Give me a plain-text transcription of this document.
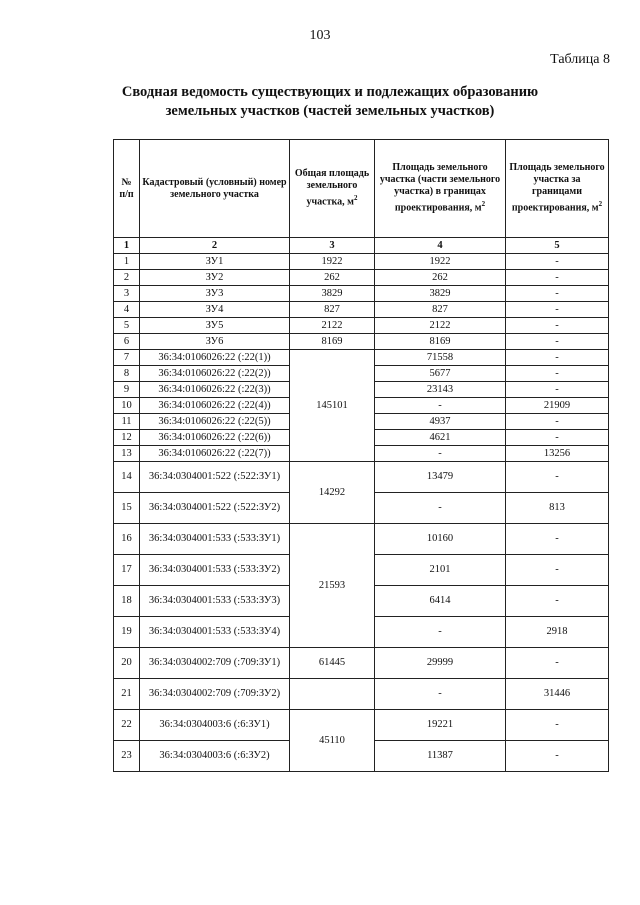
103
Таблица 8
Сводная ведомость существующих и подлежащих образованию
земельных участков (частей земельных участков)
№ п/п	Кадастровый (условный) номер земельного участка	Общая площадь земельного участка, $м^2$	Площадь земельного участка (части земельного участка) в границах проектирования, $м^2$	Площадь земельного участка за границами проектирования, $м^2$
1	2	3	4	5
1	ЗУ1	1922	1922	-
2	ЗУ2	262	262	-
3	ЗУ3	3829	3829	-
4	ЗУ4	827	827	-
5	ЗУ5	2122	2122	-
6	ЗУ6	8169	8169	-
7	36:34:0106026:22 (:22(1))	145101	71558	-
8	36:34:0106026:22 (:22(2))		5677	-
9	36:34:0106026:22 (:22(3))		23143	-
10	36:34:0106026:22 (:22(4))		-	21909
11	36:34:0106026:22 (:22(5))		4937	-
12	36:34:0106026:22 (:22(6))		4621	-
13	36:34:0106026:22 (:22(7))		-	13256
14	36:34:0304001:522 (:522:ЗУ1)	14292	13479	-
15	36:34:0304001:522 (:522:ЗУ2)		-	813
16	36:34:0304001:533 (:533:ЗУ1)	21593	10160	-
17	36:34:0304001:533 (:533:ЗУ2)		2101	-
18	36:34:0304001:533 (:533:ЗУ3)		6414	-
19	36:34:0304001:533 (:533:ЗУ4)		-	2918
20	36:34:0304002:709 (:709:ЗУ1)	61445	29999	-
21	36:34:0304002:709 (:709:ЗУ2)		-	31446
22	36:34:0304003:6 (:6:ЗУ1)	45110	19221	-
23	36:34:0304003:6 (:6:ЗУ2)		11387	-
